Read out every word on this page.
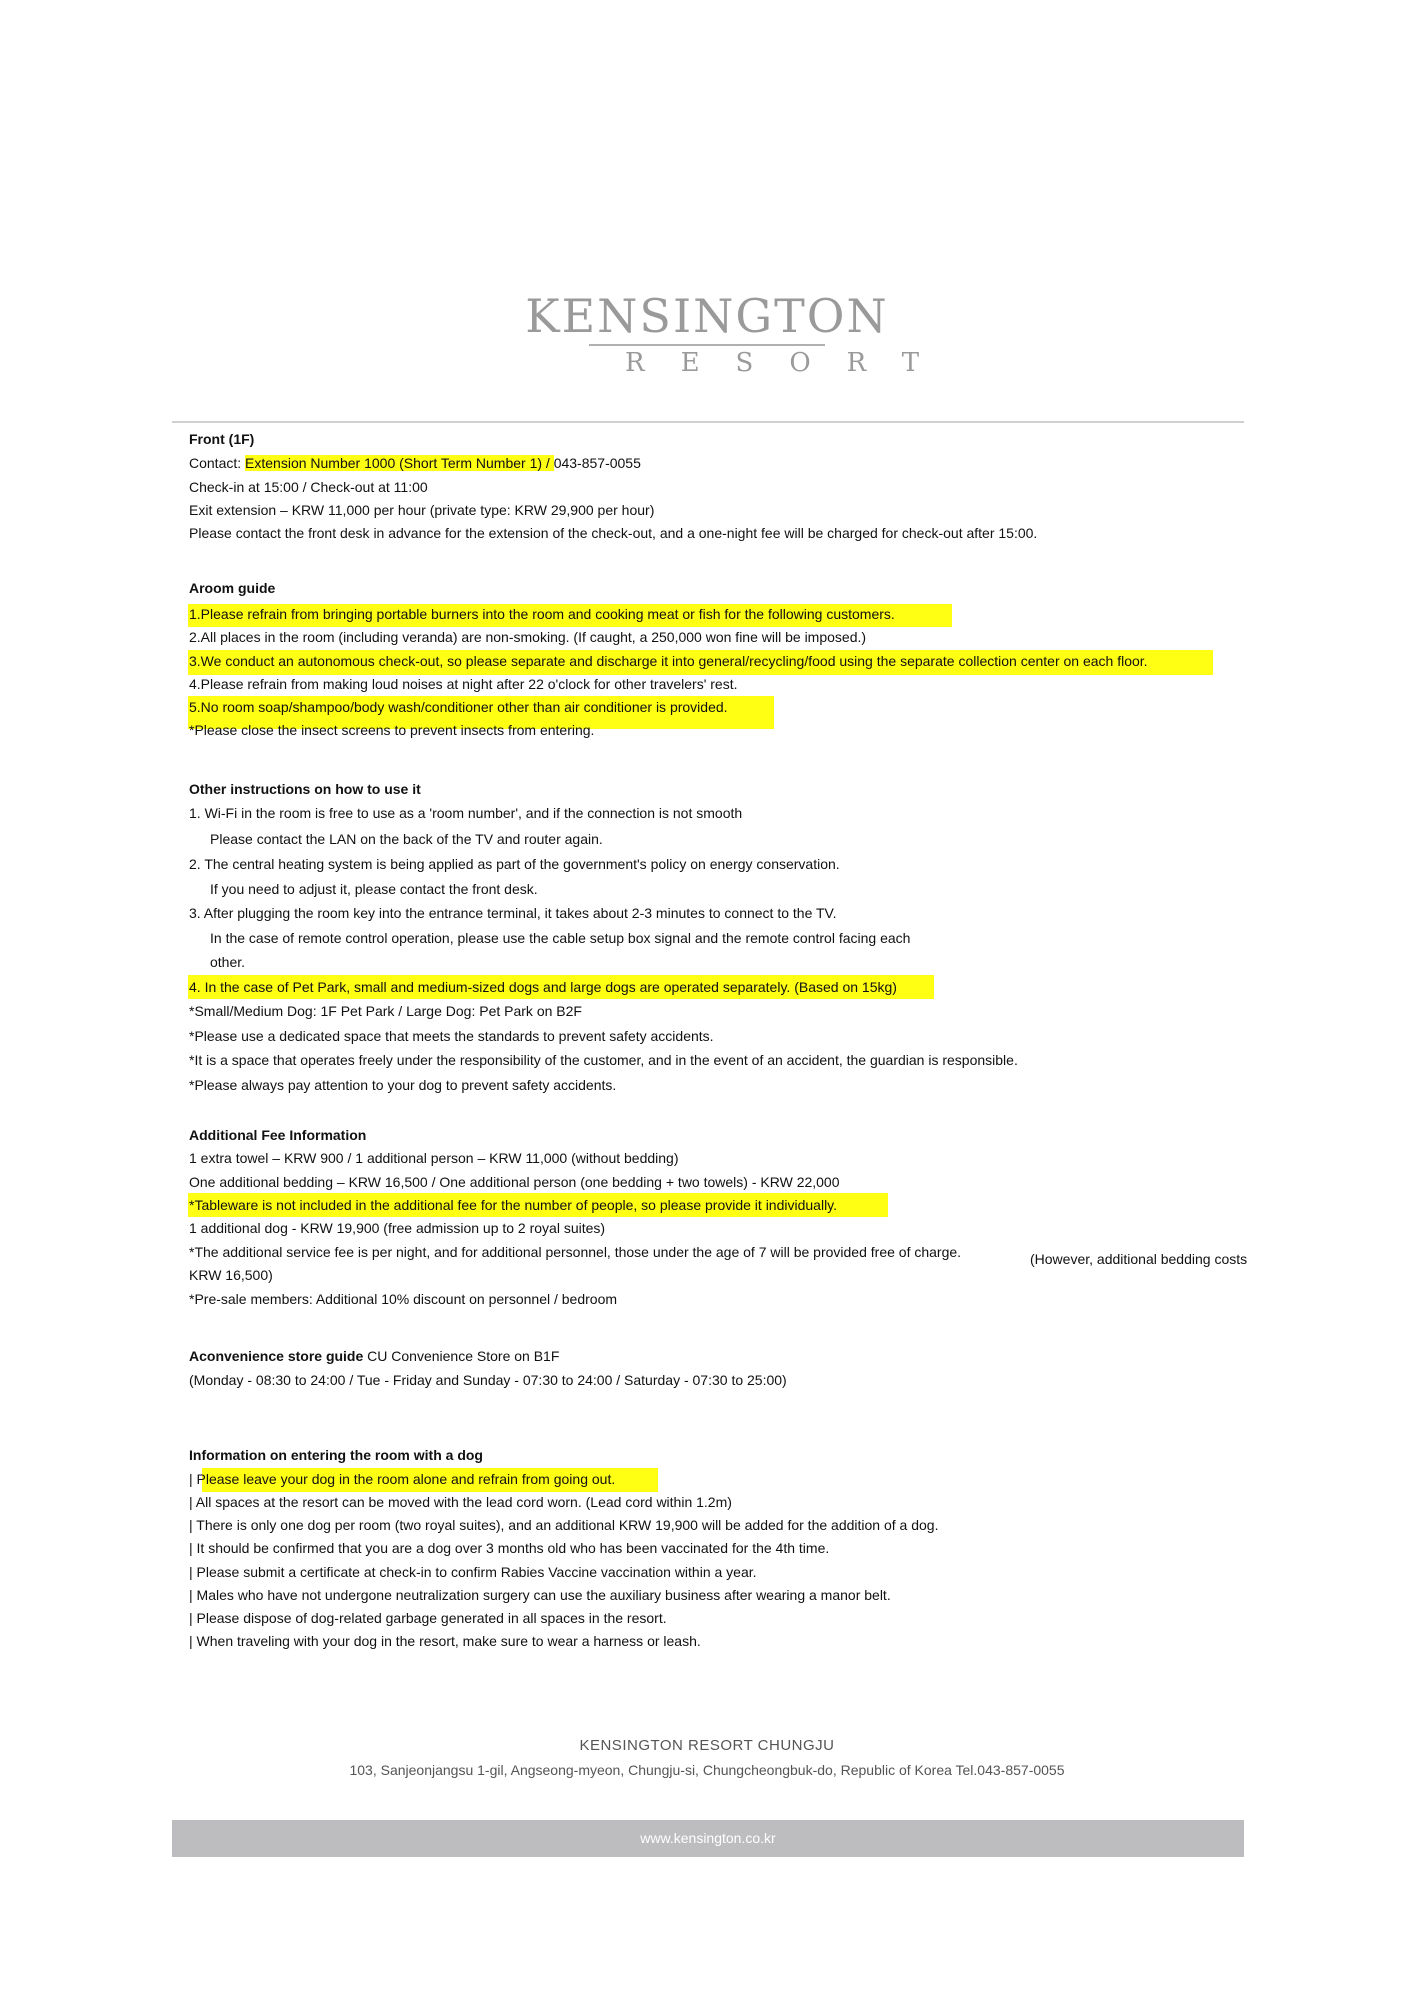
KENSINGTON
RESORT
Front (1F)
Contact: Extension Number 1000 (Short Term Number 1) / 043-857-0055
Check-in at 15:00 / Check-out at 11:00
Exit extension – KRW 11,000 per hour (private type: KRW 29,900 per hour)
Please contact the front desk in advance for the extension of the check-out, and a one-night fee will be charged for check-out after 15:00.
Aroom guide
1.Please refrain from bringing portable burners into the room and cooking meat or fish for the following customers.
2.All places in the room (including veranda) are non-smoking. (If caught, a 250,000 won fine will be imposed.)
3.We conduct an autonomous check-out, so please separate and discharge it into general/recycling/food using the separate collection center on each floor.
4.Please refrain from making loud noises at night after 22 o'clock for other travelers' rest.
5.No room soap/shampoo/body wash/conditioner other than air conditioner is provided.
*Please close the insect screens to prevent insects from entering.
Other instructions on how to use it
1. Wi-Fi in the room is free to use as a 'room number', and if the connection is not smooth
Please contact the LAN on the back of the TV and router again.
2. The central heating system is being applied as part of the government's policy on energy conservation.
If you need to adjust it, please contact the front desk.
3. After plugging the room key into the entrance terminal, it takes about 2-3 minutes to connect to the TV.
In the case of remote control operation, please use the cable setup box signal and the remote control facing each
other.
4. In the case of Pet Park, small and medium-sized dogs and large dogs are operated separately. (Based on 15kg)
*Small/Medium Dog: 1F Pet Park / Large Dog: Pet Park on B2F
*Please use a dedicated space that meets the standards to prevent safety accidents.
*It is a space that operates freely under the responsibility of the customer, and in the event of an accident, the guardian is responsible.
*Please always pay attention to your dog to prevent safety accidents.
Additional Fee Information
1 extra towel – KRW 900 / 1 additional person – KRW 11,000 (without bedding)
One additional bedding – KRW 16,500 / One additional person (one bedding + two towels) - KRW 22,000
*Tableware is not included in the additional fee for the number of people, so please provide it individually.
1 additional dog - KRW 19,900 (free admission up to 2 royal suites)
*The additional service fee is per night, and for additional personnel, those under the age of 7 will be provided free of charge.	(However, additional bedding costs
KRW 16,500)
*Pre-sale members: Additional 10% discount on personnel / bedroom
Aconvenience store guide CU Convenience Store on B1F
(Monday - 08:30 to 24:00 / Tue - Friday and Sunday - 07:30 to 24:00 / Saturday - 07:30 to 25:00)
Information on entering the room with a dog
| Please leave your dog in the room alone and refrain from going out.
| All spaces at the resort can be moved with the lead cord worn. (Lead cord within 1.2m)
| There is only one dog per room (two royal suites), and an additional KRW 19,900 will be added for the addition of a dog.
| It should be confirmed that you are a dog over 3 months old who has been vaccinated for the 4th time.
| Please submit a certificate at check-in to confirm Rabies Vaccine vaccination within a year.
| Males who have not undergone neutralization surgery can use the auxiliary business after wearing a manor belt.
| Please dispose of dog-related garbage generated in all spaces in the resort.
| When traveling with your dog in the resort, make sure to wear a harness or leash.
KENSINGTON RESORT CHUNGJU
103, Sanjeonjangsu 1-gil, Angseong-myeon, Chungju-si, Chungcheongbuk-do, Republic of Korea Tel.043-857-0055
www.kensington.co.kr
